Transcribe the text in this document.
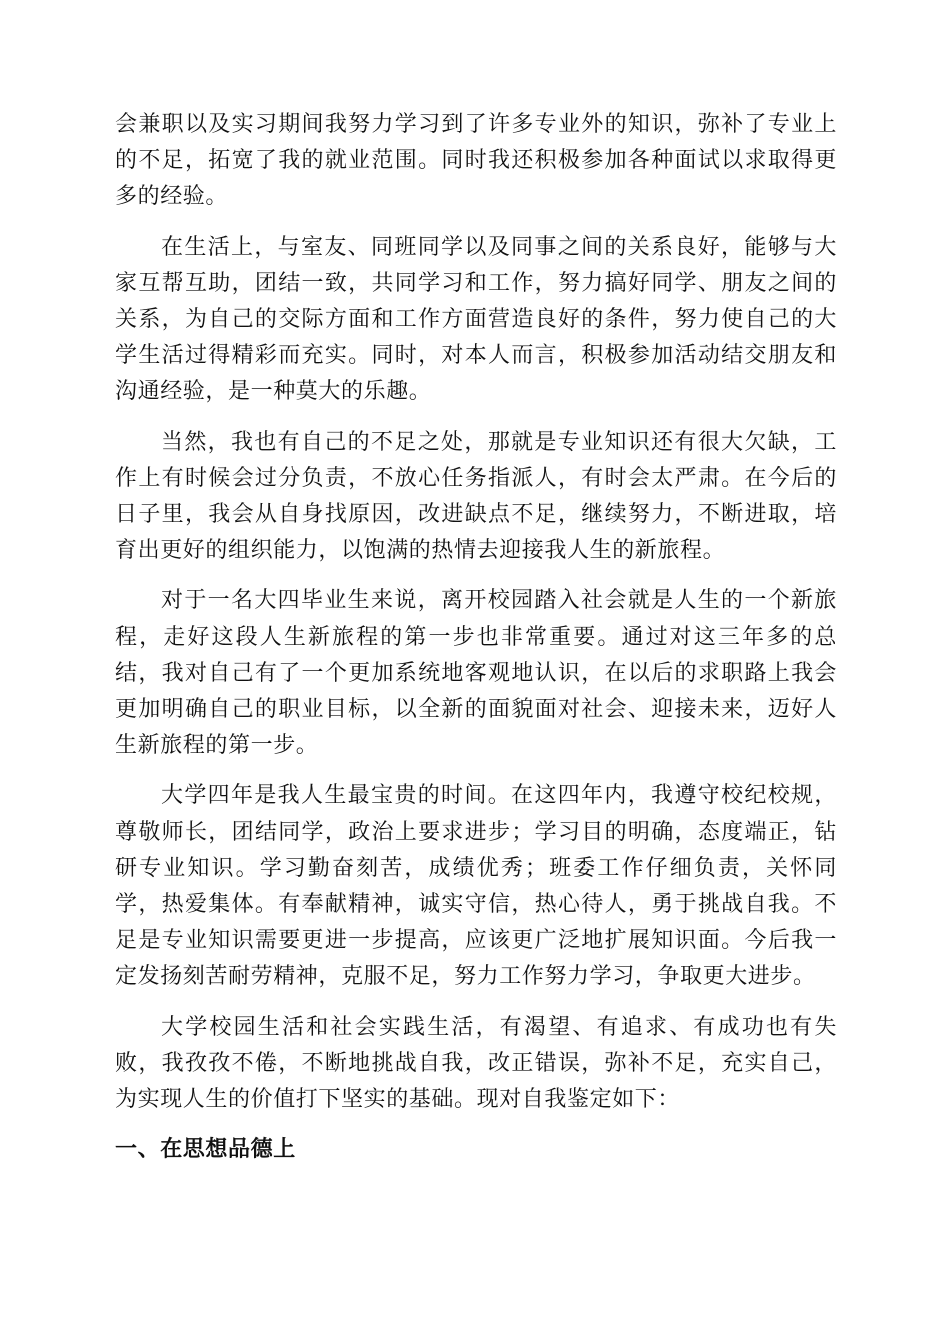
会兼职以及实习期间我努力学习到了许多专业外的知识，弥补了专业上的不足，拓宽了我的就业范围。同时我还积极参加各种面试以求取得更多的经验。

在生活上，与室友、同班同学以及同事之间的关系良好，能够与大家互帮互助，团结一致，共同学习和工作，努力搞好同学、朋友之间的关系，为自己的交际方面和工作方面营造良好的条件，努力使自己的大学生活过得精彩而充实。同时，对本人而言，积极参加活动结交朋友和沟通经验，是一种莫大的乐趣。

当然，我也有自己的不足之处，那就是专业知识还有很大欠缺，工作上有时候会过分负责，不放心任务指派人，有时会太严肃。在今后的日子里，我会从自身找原因，改进缺点不足，继续努力，不断进取，培育出更好的组织能力，以饱满的热情去迎接我人生的新旅程。

对于一名大四毕业生来说，离开校园踏入社会就是人生的一个新旅程，走好这段人生新旅程的第一步也非常重要。通过对这三年多的总结，我对自己有了一个更加系统地客观地认识，在以后的求职路上我会更加明确自己的职业目标，以全新的面貌面对社会、迎接未来，迈好人生新旅程的第一步。

大学四年是我人生最宝贵的时间。在这四年内，我遵守校纪校规，尊敬师长，团结同学，政治上要求进步；学习目的明确，态度端正，钻研专业知识。学习勤奋刻苦，成绩优秀；班委工作仔细负责，关怀同学，热爱集体。有奉献精神，诚实守信，热心待人，勇于挑战自我。不足是专业知识需要更进一步提高，应该更广泛地扩展知识面。今后我一定发扬刻苦耐劳精神，克服不足，努力工作努力学习，争取更大进步。

大学校园生活和社会实践生活，有渴望、有追求、有成功也有失败，我孜孜不倦，不断地挑战自我，改正错误，弥补不足，充实自己，为实现人生的价值打下坚实的基础。现对自我鉴定如下：

一、在思想品德上
